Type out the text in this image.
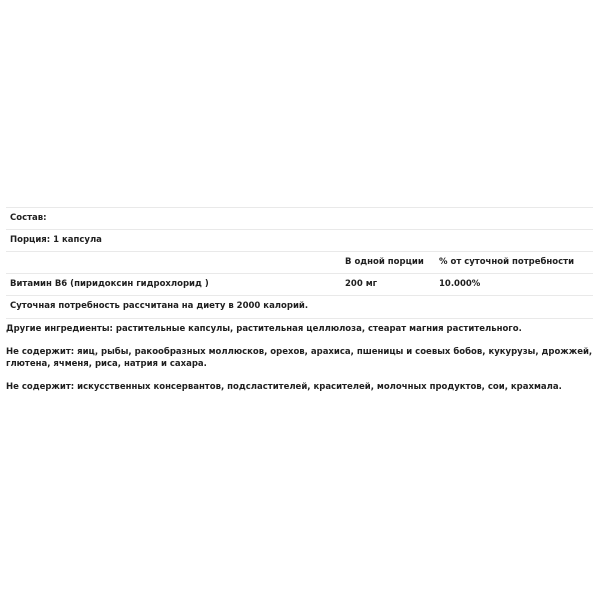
Состав:
Порция: 1 капсула
В одной порции % от суточной потребности
Витамин B6 (пиридоксин гидрохлорид )	200 мг	10.000%
Суточная потребность рассчитана на диету в 2000 калорий.
Другие ингредиенты: растительные капсулы, растительная целлюлоза, стеарат магния растительного.
Не содержит: яиц, рыбы, ракообразных моллюсков, орехов, арахиса, пшеницы и соевых бобов, кукурузы, дрожжей,
глютена, ячменя, риса, натрия и сахара.
Не содержит: искусственных консервантов, подсластителей, красителей, молочных продуктов, сои, крахмала.
